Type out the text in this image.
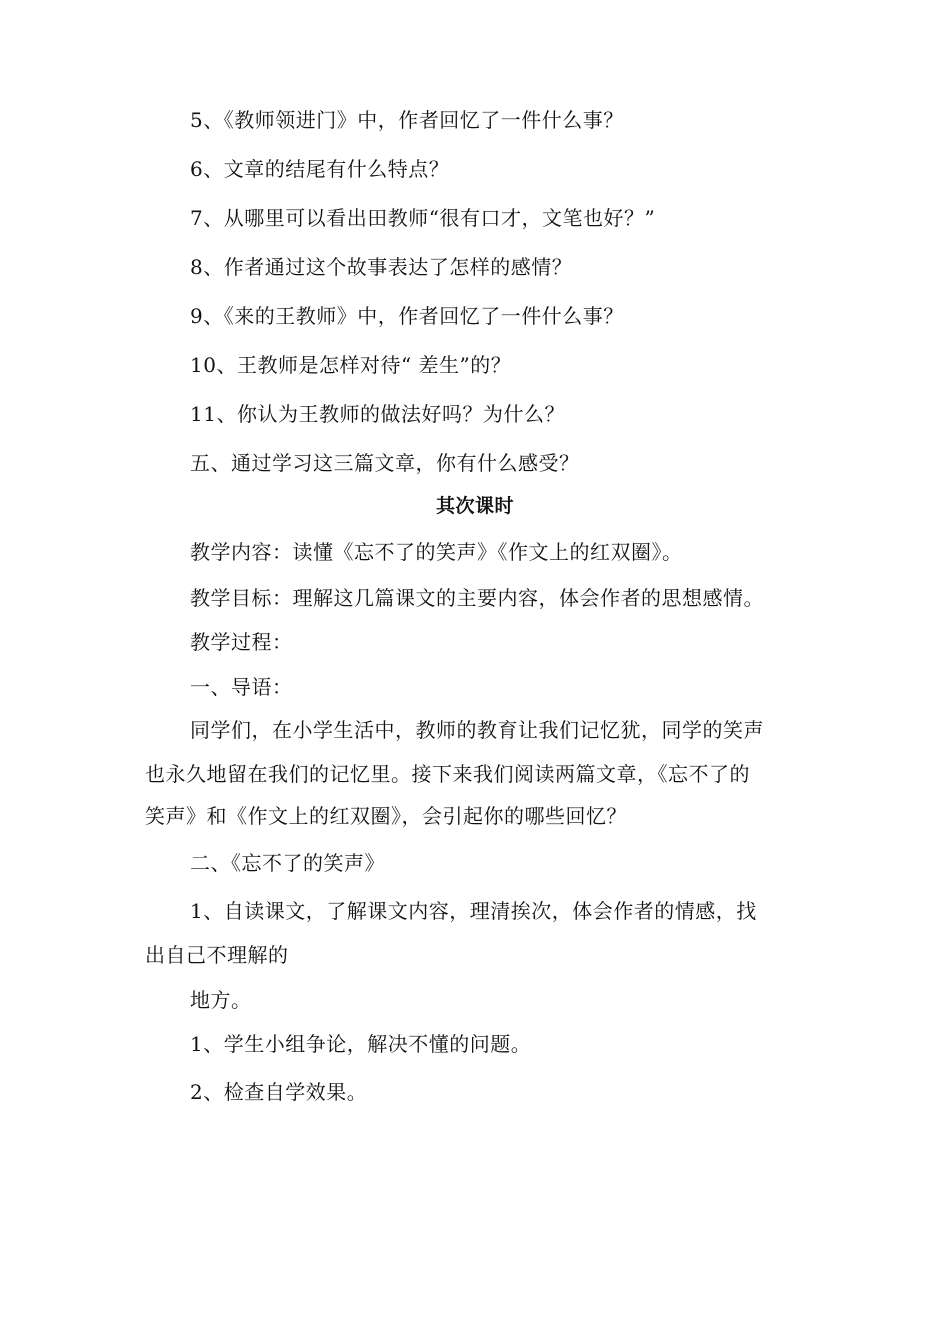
5、《教师领进门》中，作者回忆了一件什么事？
6、文章的结尾有什么特点？
7、从哪里可以看出田教师“很有口才，文笔也好？”
8、作者通过这个故事表达了怎样的感情？
9、《来的王教师》中，作者回忆了一件什么事？
10、王教师是怎样对待“ 差生”的？
11、你认为王教师的做法好吗？为什么？
五、通过学习这三篇文章，你有什么感受？
其次课时
教学内容：读懂《忘不了的笑声》《作文上的红双圈》。
教学目标：理解这几篇课文的主要内容，体会作者的思想感情。
教学过程：
一、导语：
同学们，在小学生活中，教师的教育让我们记忆犹，同学的笑声
也永久地留在我们的记忆里。接下来我们阅读两篇文章，《忘不了的
笑声》和《作文上的红双圈》，会引起你的哪些回忆？
二、《忘不了的笑声》
1、自读课文，了解课文内容，理清挨次，体会作者的情感，找
出自己不理解的
地方。
1、学生小组争论，解决不懂的问题。
2、检查自学效果。
